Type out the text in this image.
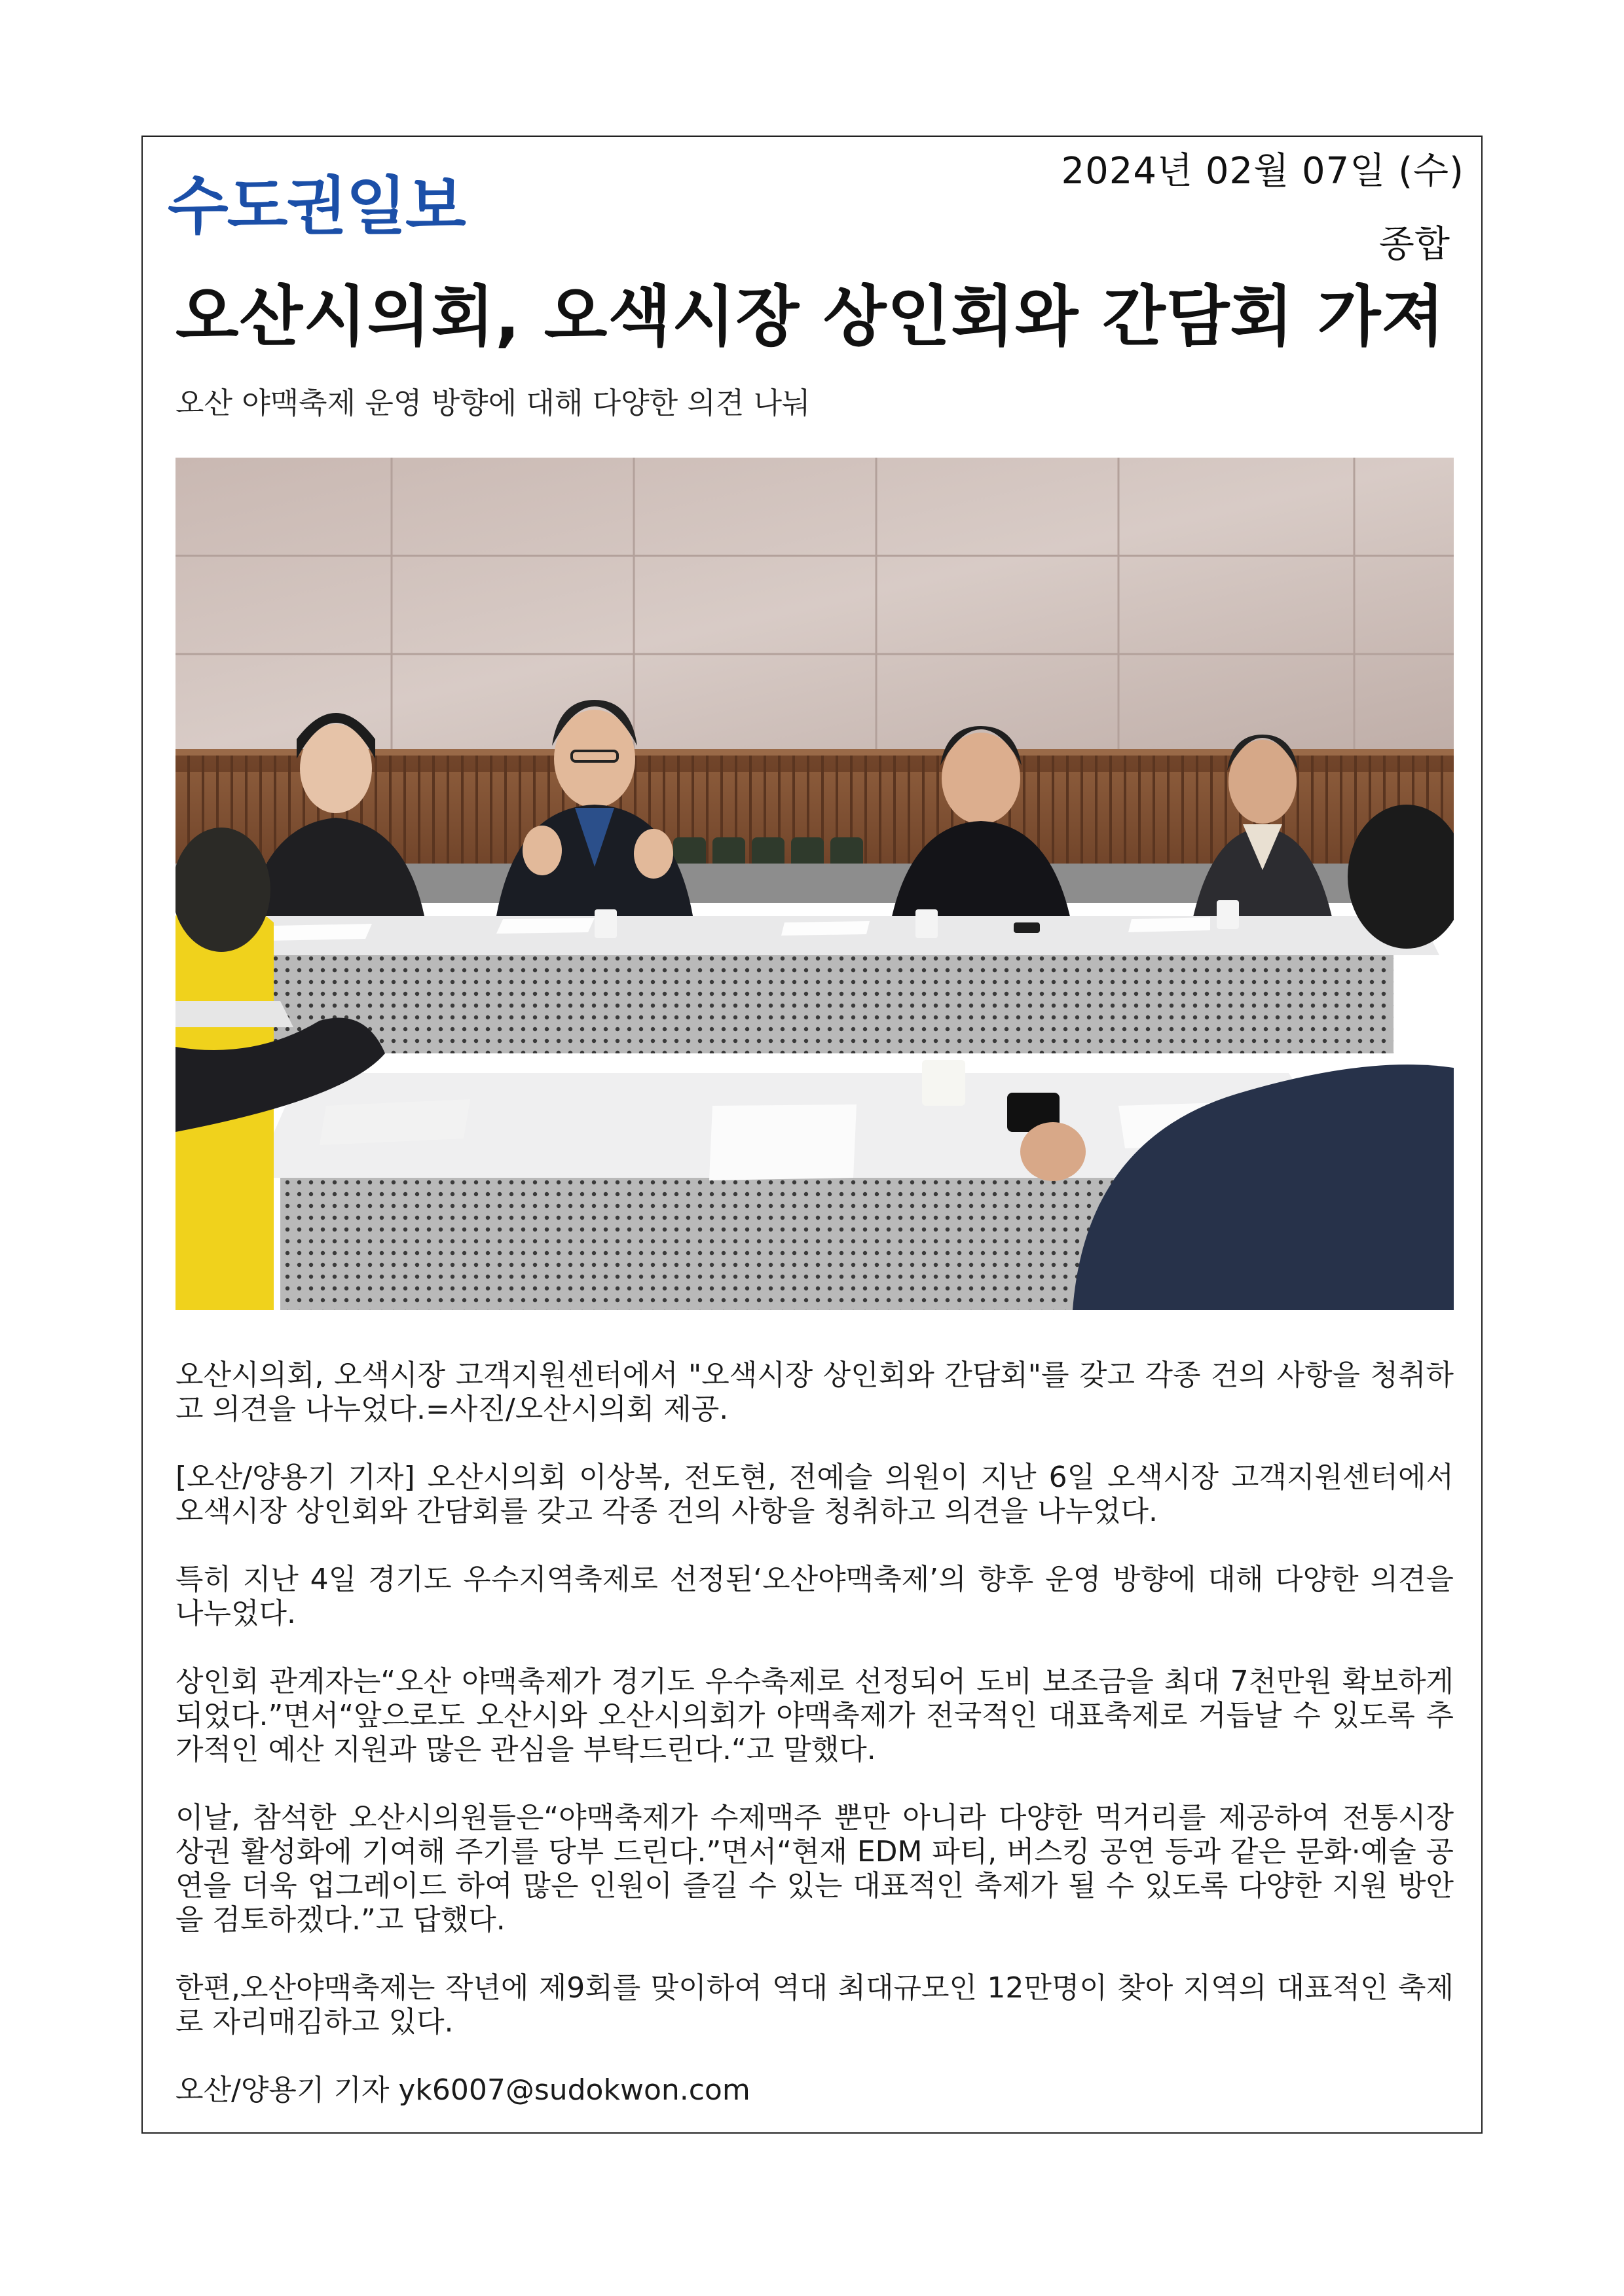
2024년 02월 07일 (수)
수도권일보
종합
오산시의회, 오색시장 상인회와 간담회 가져
오산 야맥축제 운영 방향에 대해 다양한 의견 나눠

오산시의회, 오색시장 고객지원센터에서 "오색시장 상인회와 간담회"를 갖고 각종 건의 사항을 청취하고 의견을 나누었다.=사진/오산시의회 제공.

[오산/양용기 기자] 오산시의회 이상복, 전도현, 전예슬 의원이 지난 6일 오색시장 고객지원센터에서 오색시장 상인회와 간담회를 갖고 각종 건의 사항을 청취하고 의견을 나누었다.

특히 지난 4일 경기도 우수지역축제로 선정된‘오산야맥축제’의 향후 운영 방향에 대해 다양한 의견을 나누었다.

상인회 관계자는“오산 야맥축제가 경기도 우수축제로 선정되어 도비 보조금을 최대 7천만원 확보하게 되었다.”면서“앞으로도 오산시와 오산시의회가 야맥축제가 전국적인 대표축제로 거듭날 수 있도록 추가적인 예산 지원과 많은 관심을 부탁드린다.“고 말했다.

이날, 참석한 오산시의원들은“야맥축제가 수제맥주 뿐만 아니라 다양한 먹거리를 제공하여 전통시장 상권 활성화에 기여해 주기를 당부 드린다.”면서“현재 EDM 파티, 버스킹 공연 등과 같은 문화·예술 공연을 더욱 업그레이드 하여 많은 인원이 즐길 수 있는 대표적인 축제가 될 수 있도록 다양한 지원 방안을 검토하겠다.”고 답했다.

한편,오산야맥축제는 작년에 제9회를 맞이하여 역대 최대규모인 12만명이 찾아 지역의 대표적인 축제로 자리매김하고 있다.

오산/양용기 기자 yk6007@sudokwon.com
